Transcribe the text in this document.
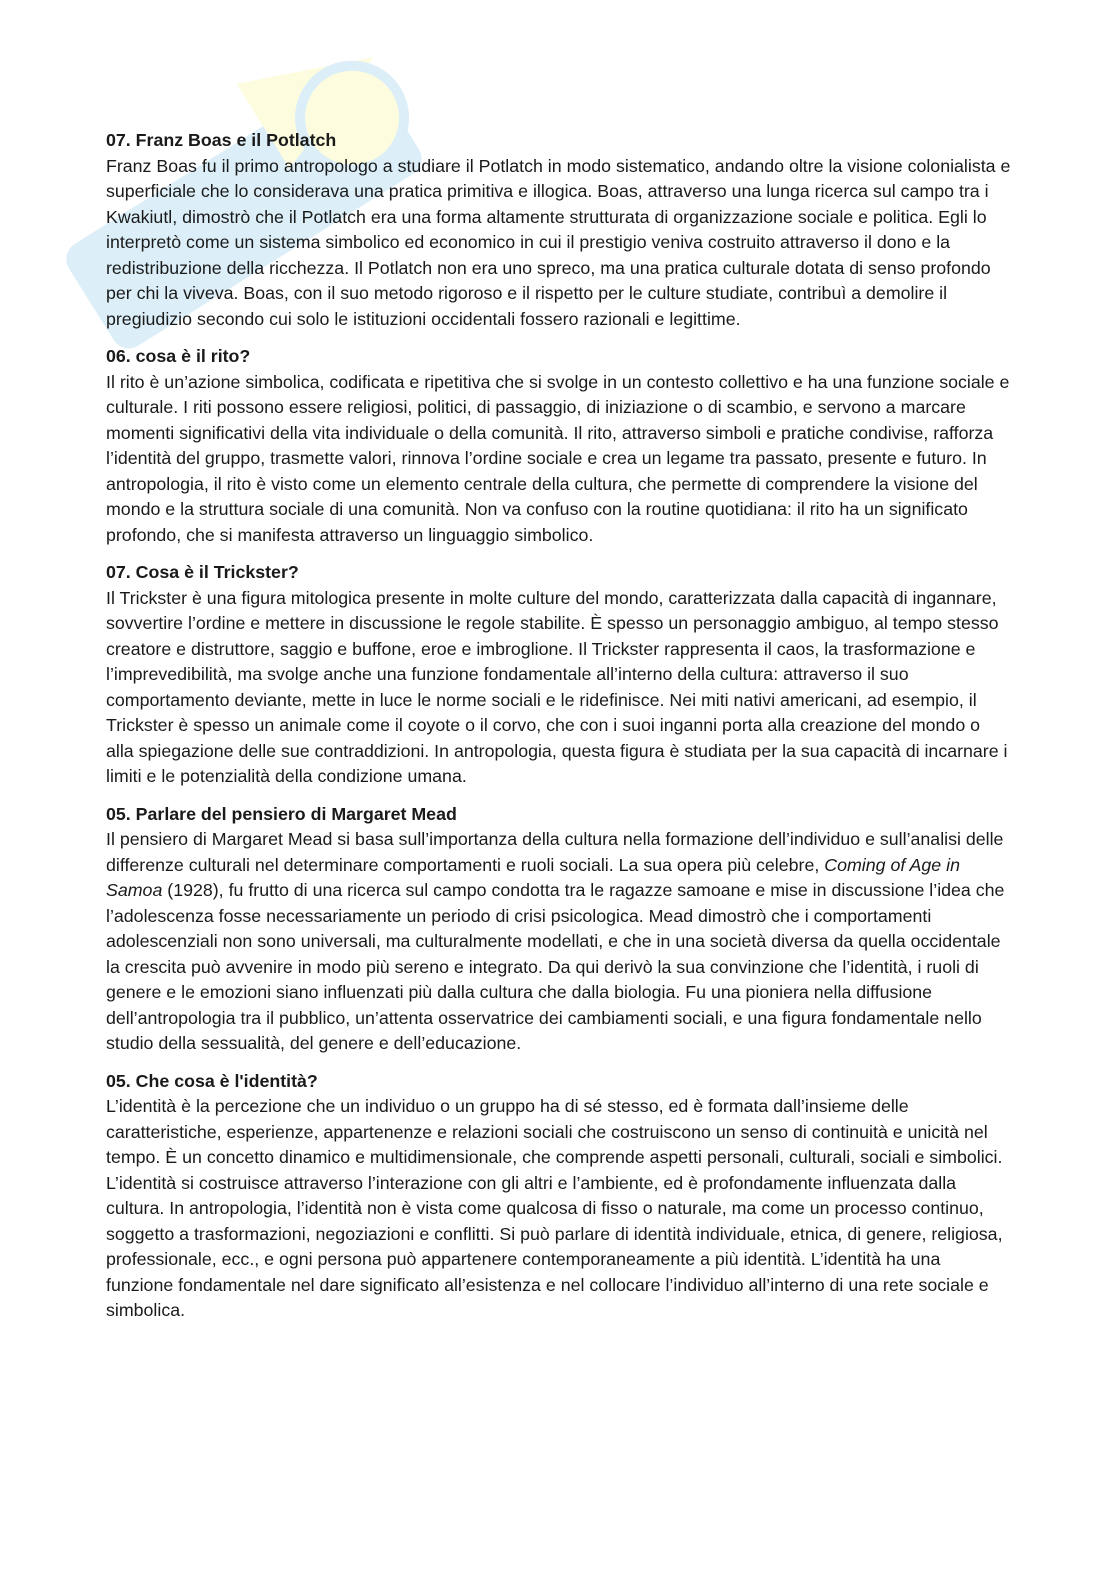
07. Franz Boas e il Potlatch

Franz Boas fu il primo antropologo a studiare il Potlatch in modo sistematico, andando oltre la visione colonialista e superficiale che lo considerava una pratica primitiva e illogica. Boas, attraverso una lunga ricerca sul campo tra i Kwakiutl, dimostrò che il Potlatch era una forma altamente strutturata di organizzazione sociale e politica. Egli lo interpretò come un sistema simbolico ed economico in cui il prestigio veniva costruito attraverso il dono e la redistribuzione della ricchezza. Il Potlatch non era uno spreco, ma una pratica culturale dotata di senso profondo per chi la viveva. Boas, con il suo metodo rigoroso e il rispetto per le culture studiate, contribuì a demolire il pregiudizio secondo cui solo le istituzioni occidentali fossero razionali e legittime.

06. cosa è il rito?

Il rito è un’azione simbolica, codificata e ripetitiva che si svolge in un contesto collettivo e ha una funzione sociale e culturale. I riti possono essere religiosi, politici, di passaggio, di iniziazione o di scambio, e servono a marcare momenti significativi della vita individuale o della comunità. Il rito, attraverso simboli e pratiche condivise, rafforza l’identità del gruppo, trasmette valori, rinnova l’ordine sociale e crea un legame tra passato, presente e futuro. In antropologia, il rito è visto come un elemento centrale della cultura, che permette di comprendere la visione del mondo e la struttura sociale di una comunità. Non va confuso con la routine quotidiana: il rito ha un significato profondo, che si manifesta attraverso un linguaggio simbolico.

07. Cosa è il Trickster?

Il Trickster è una figura mitologica presente in molte culture del mondo, caratterizzata dalla capacità di ingannare, sovvertire l’ordine e mettere in discussione le regole stabilite. È spesso un personaggio ambiguo, al tempo stesso creatore e distruttore, saggio e buffone, eroe e imbroglione. Il Trickster rappresenta il caos, la trasformazione e l’imprevedibilità, ma svolge anche una funzione fondamentale all’interno della cultura: attraverso il suo comportamento deviante, mette in luce le norme sociali e le ridefinisce. Nei miti nativi americani, ad esempio, il Trickster è spesso un animale come il coyote o il corvo, che con i suoi inganni porta alla creazione del mondo o alla spiegazione delle sue contraddizioni. In antropologia, questa figura è studiata per la sua capacità di incarnare i limiti e le potenzialità della condizione umana.

05. Parlare del pensiero di Margaret Mead

Il pensiero di Margaret Mead si basa sull’importanza della cultura nella formazione dell’individuo e sull’analisi delle differenze culturali nel determinare comportamenti e ruoli sociali. La sua opera più celebre, Coming of Age in Samoa (1928), fu frutto di una ricerca sul campo condotta tra le ragazze samoane e mise in discussione l’idea che l’adolescenza fosse necessariamente un periodo di crisi psicologica. Mead dimostrò che i comportamenti adolescenziali non sono universali, ma culturalmente modellati, e che in una società diversa da quella occidentale la crescita può avvenire in modo più sereno e integrato. Da qui derivò la sua convinzione che l’identità, i ruoli di genere e le emozioni siano influenzati più dalla cultura che dalla biologia. Fu una pioniera nella diffusione dell’antropologia tra il pubblico, un’attenta osservatrice dei cambiamenti sociali, e una figura fondamentale nello studio della sessualità, del genere e dell’educazione.

05. Che cosa è l'identità?

L’identità è la percezione che un individuo o un gruppo ha di sé stesso, ed è formata dall’insieme delle caratteristiche, esperienze, appartenenze e relazioni sociali che costruiscono un senso di continuità e unicità nel tempo. È un concetto dinamico e multidimensionale, che comprende aspetti personali, culturali, sociali e simbolici. L’identità si costruisce attraverso l’interazione con gli altri e l’ambiente, ed è profondamente influenzata dalla cultura. In antropologia, l’identità non è vista come qualcosa di fisso o naturale, ma come un processo continuo, soggetto a trasformazioni, negoziazioni e conflitti. Si può parlare di identità individuale, etnica, di genere, religiosa, professionale, ecc., e ogni persona può appartenere contemporaneamente a più identità. L’identità ha una funzione fondamentale nel dare significato all’esistenza e nel collocare l’individuo all’interno di una rete sociale e simbolica.
